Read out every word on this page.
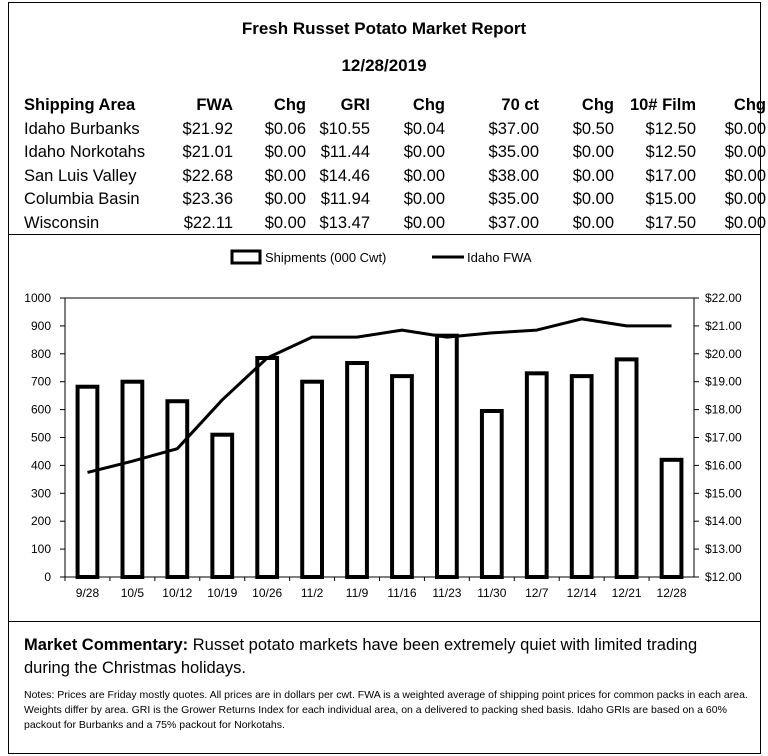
Fresh Russet Potato Market Report
12/28/2019
Shipping Area	FWA	Chg	GRI	Chg	70 ct	Chg	10# Film	Chg
Idaho Burbanks	$21.92	$0.06	$10.55	$0.04	$37.00	$0.50	$12.50	$0.00
Idaho Norkotahs	$21.01	$0.00	$11.44	$0.00	$35.00	$0.00	$12.50	$0.00
San Luis Valley	$22.68	$0.00	$14.46	$0.00	$38.00	$0.00	$17.00	$0.00
Columbia Basin	$23.36	$0.00	$11.94	$0.00	$35.00	$0.00	$15.00	$0.00
Wisconsin	$22.11	$0.00	$13.47	$0.00	$37.00	$0.00	$17.50	$0.00
0
100
200
300
400
500
600
700
800
900
1000
$12.00
$13.00
$14.00
$15.00
$16.00
$17.00
$18.00
$19.00
$20.00
$21.00
$22.00
9/28 10/5 10/12 10/19 10/26 11/2 11/9 11/16 11/23 11/30 12/7 12/14 12/21 12/28
Shipments (000 Cwt)	Idaho FWA
Market Commentary: Russet potato markets have been extremely quiet with limited trading during the Christmas holidays.
Notes: Prices are Friday mostly quotes. All prices are in dollars per cwt. FWA is a weighted average of shipping point prices for common packs in each area. Weights differ by area. GRI is the Grower Returns Index for each individual area, on a delivered to packing shed basis. Idaho GRIs are based on a 60% packout for Burbanks and a 75% packout for Norkotahs.
